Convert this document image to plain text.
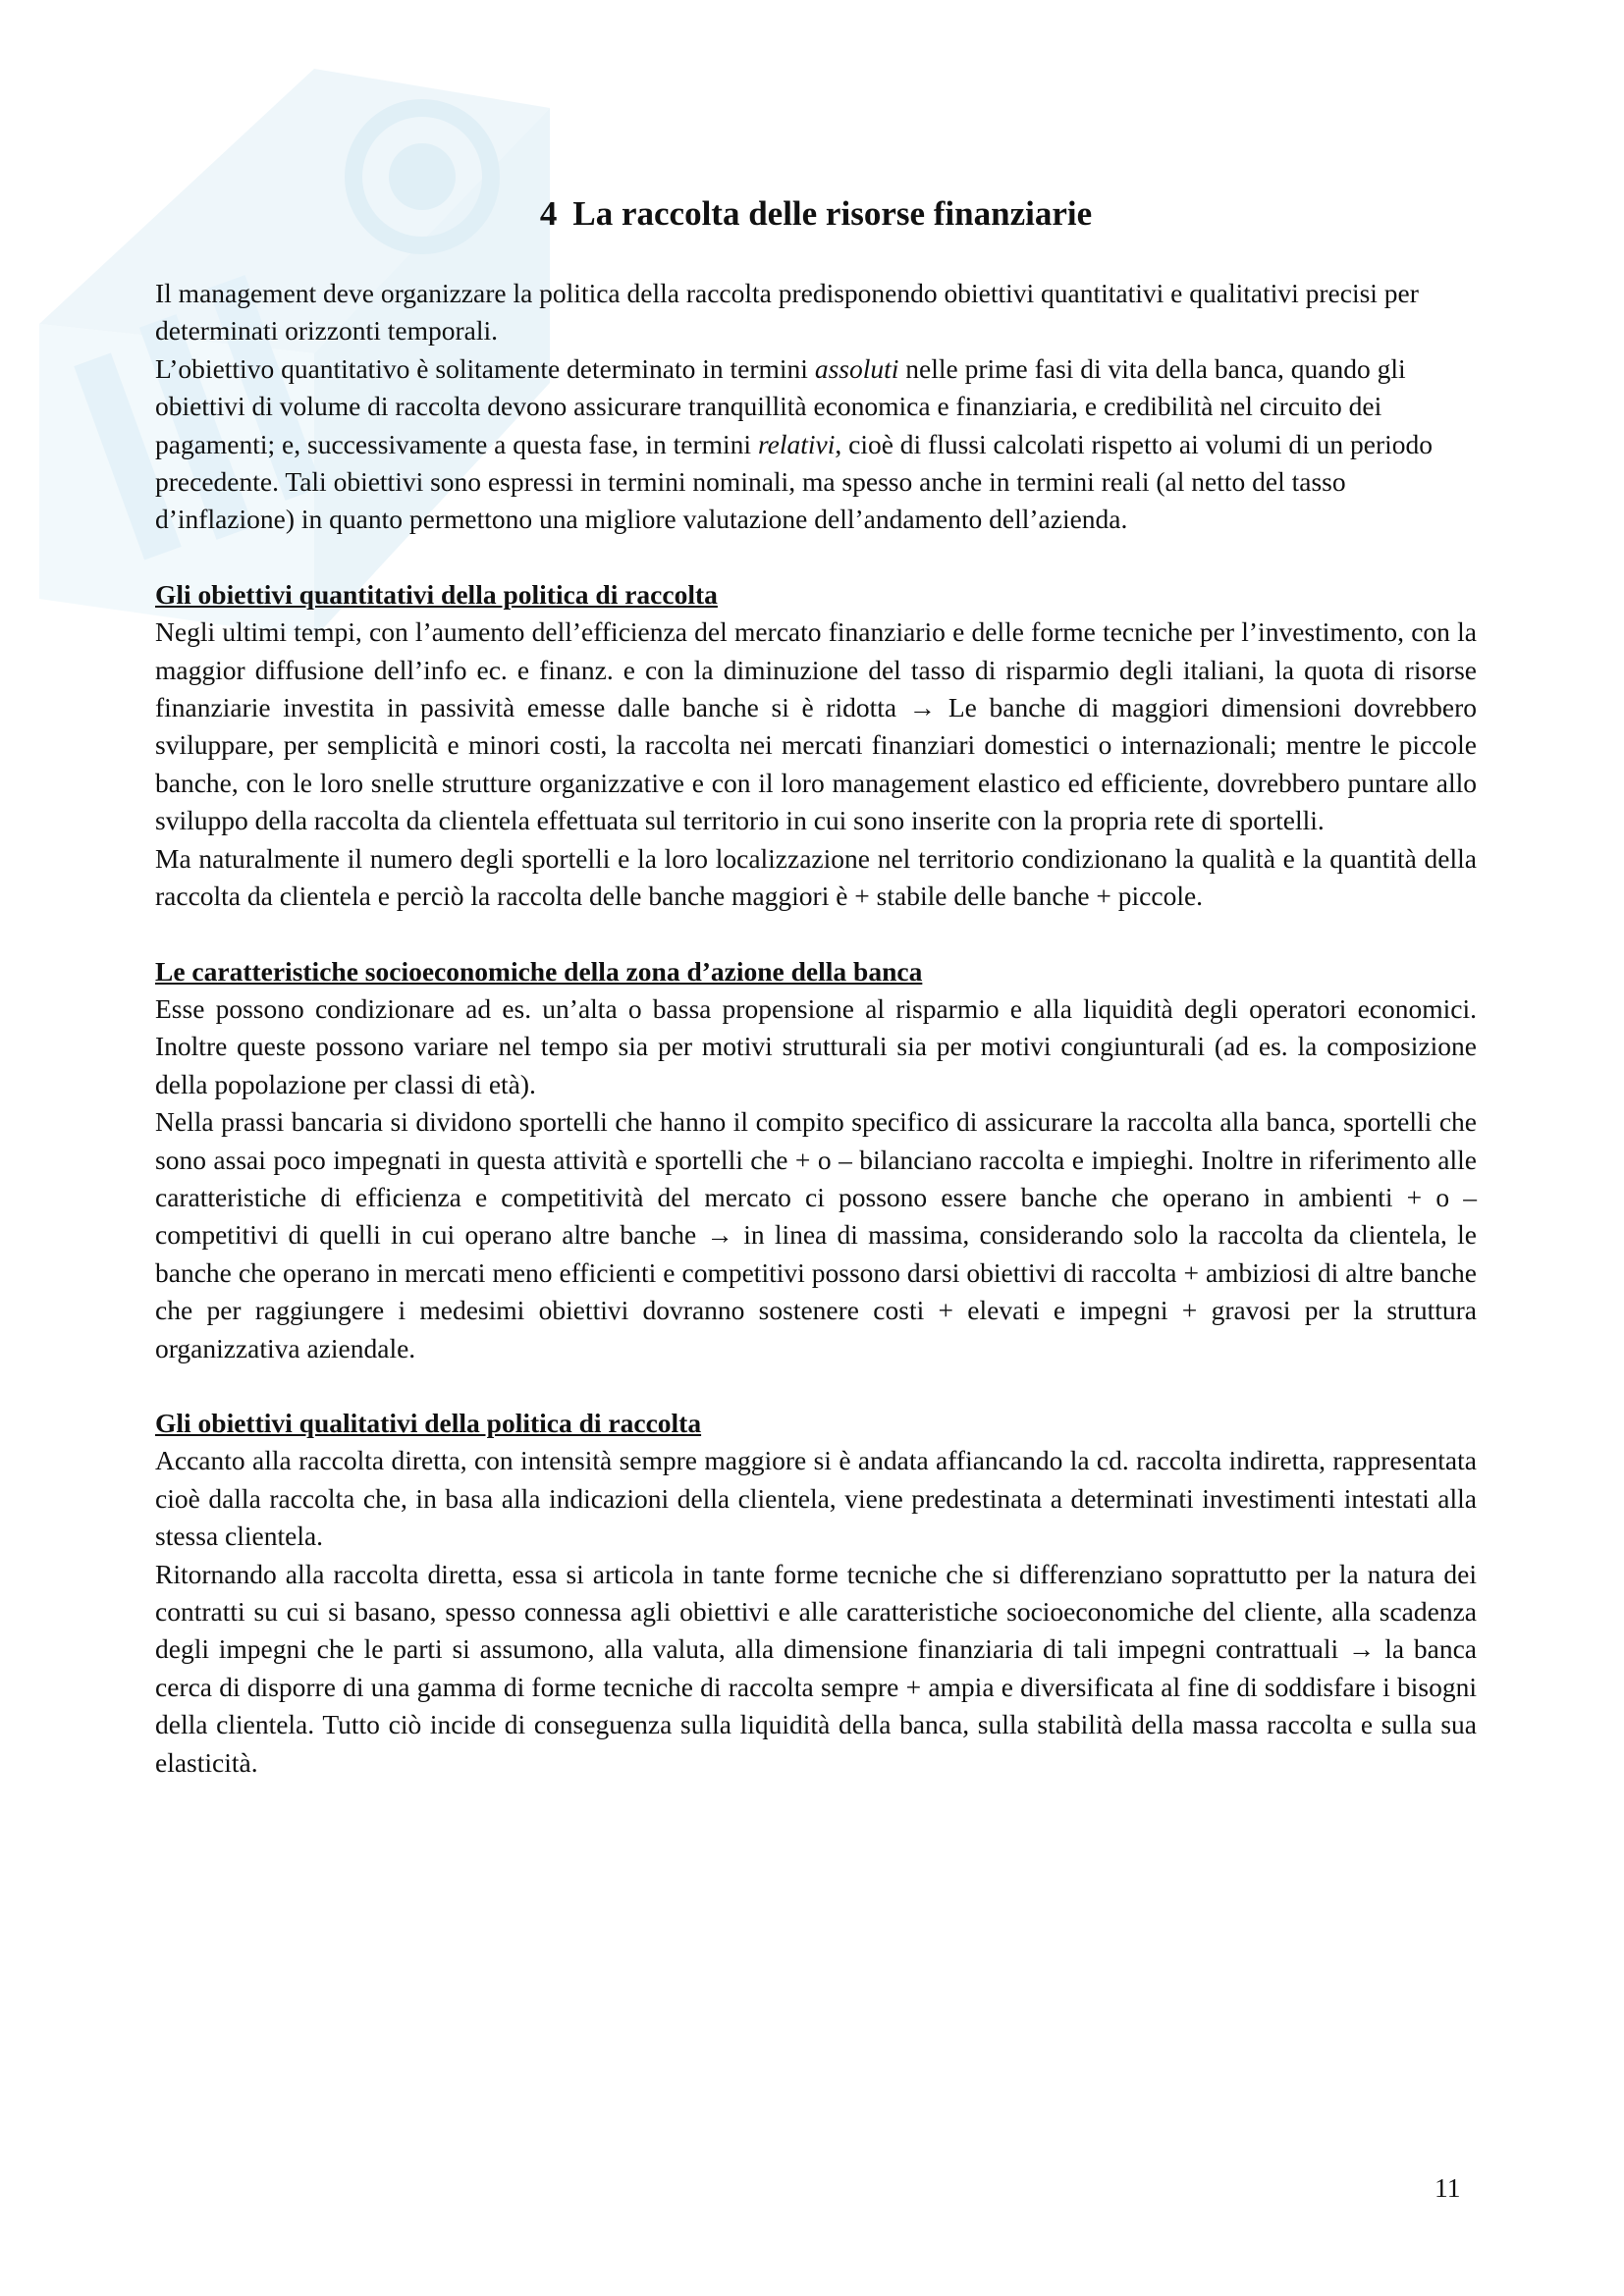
4 La raccolta delle risorse finanziarie

Il management deve organizzare la politica della raccolta predisponendo obiettivi quantitativi e qualitativi precisi per determinati orizzonti temporali.

L’obiettivo quantitativo è solitamente determinato in termini assoluti nelle prime fasi di vita della banca, quando gli obiettivi di volume di raccolta devono assicurare tranquillità economica e finanziaria, e credibilità nel circuito dei pagamenti; e, successivamente a questa fase, in termini relativi, cioè di flussi calcolati rispetto ai volumi di un periodo precedente. Tali obiettivi sono espressi in termini nominali, ma spesso anche in termini reali (al netto del tasso d’inflazione) in quanto permettono una migliore valutazione dell’andamento dell’azienda.

Gli obiettivi quantitativi della politica di raccolta

Negli ultimi tempi, con l’aumento dell’efficienza del mercato finanziario e delle forme tecniche per l’investimento, con la maggior diffusione dell’info ec. e finanz. e con la diminuzione del tasso di risparmio degli italiani, la quota di risorse finanziarie investita in passività emesse dalle banche si è ridotta → Le banche di maggiori dimensioni dovrebbero sviluppare, per semplicità e minori costi, la raccolta nei mercati finanziari domestici o internazionali; mentre le piccole banche, con le loro snelle strutture organizzative e con il loro management elastico ed efficiente, dovrebbero puntare allo sviluppo della raccolta da clientela effettuata sul territorio in cui sono inserite con la propria rete di sportelli.

Ma naturalmente il numero degli sportelli e la loro localizzazione nel territorio condizionano la qualità e la quantità della raccolta da clientela e perciò la raccolta delle banche maggiori è + stabile delle banche + piccole.

Le caratteristiche socioeconomiche della zona d’azione della banca

Esse possono condizionare ad es. un’alta o bassa propensione al risparmio e alla liquidità degli operatori economici. Inoltre queste possono variare nel tempo sia per motivi strutturali sia per motivi congiunturali (ad es. la composizione della popolazione per classi di età).

Nella prassi bancaria si dividono sportelli che hanno il compito specifico di assicurare la raccolta alla banca, sportelli che sono assai poco impegnati in questa attività e sportelli che + o – bilanciano raccolta e impieghi. Inoltre in riferimento alle caratteristiche di efficienza e competitività del mercato ci possono essere banche che operano in ambienti + o – competitivi di quelli in cui operano altre banche → in linea di massima, considerando solo la raccolta da clientela, le banche che operano in mercati meno efficienti e competitivi possono darsi obiettivi di raccolta + ambiziosi di altre banche che per raggiungere i medesimi obiettivi dovranno sostenere costi + elevati e impegni + gravosi per la struttura organizzativa aziendale.

Gli obiettivi qualitativi della politica di raccolta

Accanto alla raccolta diretta, con intensità sempre maggiore si è andata affiancando la cd. raccolta indiretta, rappresentata cioè dalla raccolta che, in basa alla indicazioni della clientela, viene predestinata a determinati investimenti intestati alla stessa clientela.

Ritornando alla raccolta diretta, essa si articola in tante forme tecniche che si differenziano soprattutto per la natura dei contratti su cui si basano, spesso connessa agli obiettivi e alle caratteristiche socioeconomiche del cliente, alla scadenza degli impegni che le parti si assumono, alla valuta, alla dimensione finanziaria di tali impegni contrattuali → la banca cerca di disporre di una gamma di forme tecniche di raccolta sempre + ampia e diversificata al fine di soddisfare i bisogni della clientela. Tutto ciò incide di conseguenza sulla liquidità della banca, sulla stabilità della massa raccolta e sulla sua elasticità.

11
